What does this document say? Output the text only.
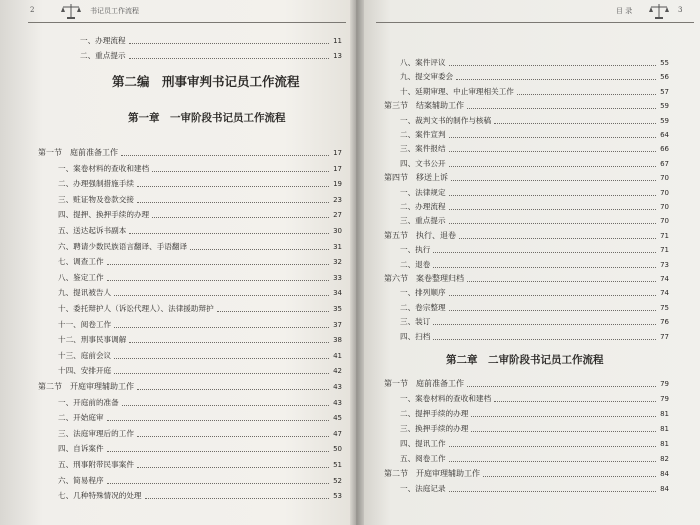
2	书记员工作流程
一、办理流程	11
二、重点提示	13
第二编　刑事审判书记员工作流程
第一章　一审阶段书记员工作流程
第一节　庭前准备工作	17
一、案卷材料的查收和建档	17
二、办理强制措施手续	19
三、赃证物及卷款交接	23
四、提押、换押手续的办理	27
五、送达起诉书副本	30
六、聘请少数民族语言翻译、手语翻译	31
七、调查工作	32
八、鉴定工作	33
九、提讯被告人	34
十、委托辩护人（诉讼代理人）、法律援助辩护	35
十一、阅卷工作	37
十二、刑事民事调解	38
十三、庭前会议	41
十四、安排开庭	42
第二节　开庭审理辅助工作	43
一、开庭前的准备	43
二、开始庭审	45
三、法庭审理后的工作	47
四、自诉案件	50
五、刑事附带民事案件	51
六、简易程序	52
七、几种特殊情况的处理	53
目 录	3
八、案件评议	55
九、提交审委会	56
十、延期审理、中止审理相关工作	57
第三节　结案辅助工作	59
一、裁判文书的制作与核稿	59
二、案件宣判	64
三、案件报结	66
四、文书公开	67
第四节　移送上诉	70
一、法律规定	70
二、办理流程	70
三、重点提示	70
第五节　执行、退卷	71
一、执行	71
二、退卷	73
第六节　案卷整理归档	74
一、排列顺序	74
二、卷宗整理	75
三、装订	76
四、扫档	77
第二章　二审阶段书记员工作流程
第一节　庭前准备工作	79
一、案卷材料的查收和建档	79
二、提押手续的办理	81
三、换押手续的办理	81
四、提讯工作	81
五、阅卷工作	82
第二节　开庭审理辅助工作	84
一、法庭记录	84
